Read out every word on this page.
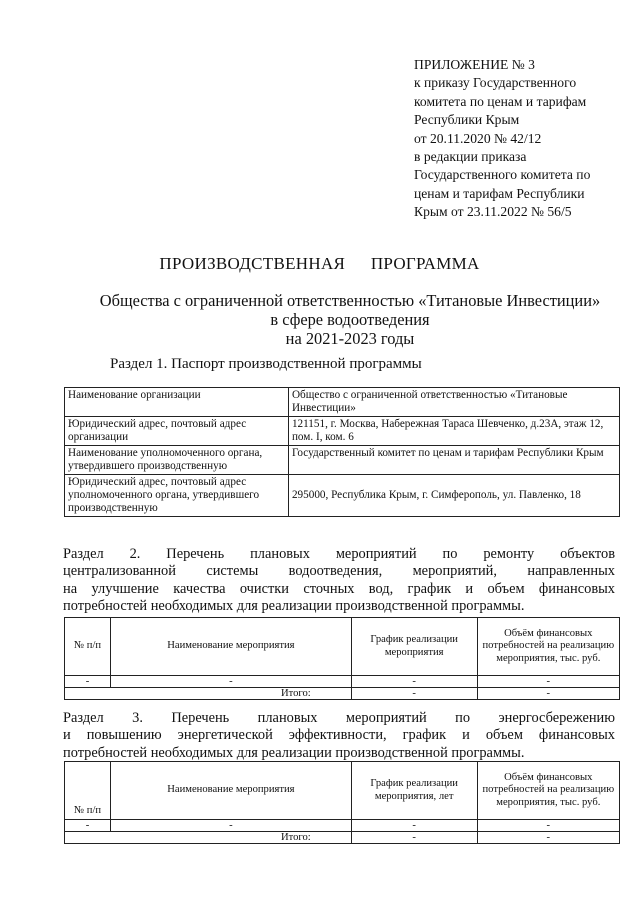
ПРИЛОЖЕНИЕ № 3
к приказу Государственного
комитета по ценам и тарифам
Республики Крым
от 20.11.2020 № 42/12
в редакции приказа
Государственного комитета по
ценам и тарифам Республики
Крым от 23.11.2022 № 56/5
ПРОИЗВОДСТВЕННАЯ   ПРОГРАММА
Общества с ограниченной ответственностью «Титановые Инвестиции»
в сфере водоотведения
на 2021-2023 годы
Раздел 1. Паспорт производственной программы
Наименование организации	Общество с ограниченной ответственностью «Титановые Инвестиции»
Юридический адрес, почтовый адрес организации	121151, г. Москва, Набережная Тараса Шевченко, д.23А, этаж 12, пом. I, ком. 6
Наименование уполномоченного органа, утвердившего производственную	Государственный комитет по ценам и тарифам Республики Крым
Юридический адрес, почтовый адрес уполномоченного органа, утвердившего производственную	295000, Республика Крым, г. Симферополь, ул. Павленко, 18
Раздел 2. Перечень плановых мероприятий по ремонту объектов
централизованной системы водоотведения, мероприятий, направленных
на улучшение качества очистки сточных вод, график и объем финансовых
потребностей необходимых для реализации производственной программы.
№ п/п	Наименование мероприятия	График реализации мероприятия	Объём финансовых потребностей на реализацию мероприятия, тыс. руб.
-	-	-	-
Итого:		-	-
Раздел 3. Перечень плановых мероприятий по энергосбережению
и повышению энергетической эффективности, график и объем финансовых
потребностей необходимых для реализации производственной программы.
№ п/п	Наименование мероприятия	График реализации мероприятия, лет	Объём финансовых потребностей на реализацию мероприятия, тыс. руб.
-	-	-	-
Итого:		-	-
